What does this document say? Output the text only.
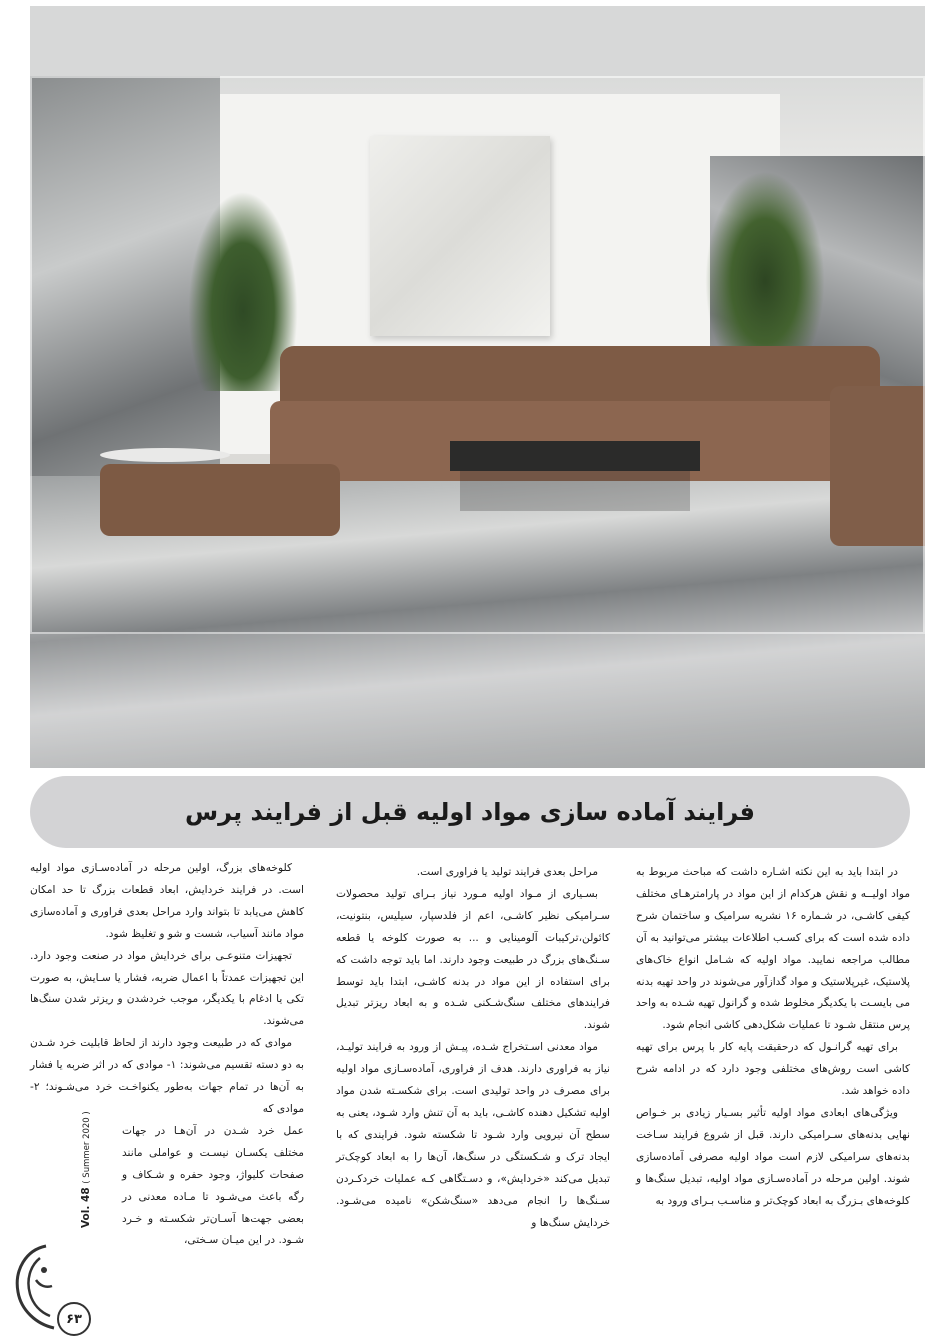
فرایند آماده سازی مواد اولیه قبل از فرایند پرس

در ابتدا باید به این نکته اشـاره داشت که مباحث مربوط به مواد اولیــه و نقش هرکدام از این مواد در پارامترهـای مختلف کیفی کاشـی، در شـماره ۱۶ نشریه سرامیک و ساختمان شرح داده شده است که برای کسـب اطلاعات بیشتر می‌توانید به آن مطالب مراجعه نمایید. مواد اولیه که شـامل انواع خاک‌های پلاستیک، غیرپلاستیک و مواد گدازآور می‌شوند در واحد تهیه بدنه می بایسـت با یکدیگر مخلوط شده و گرانول تهیه شـده به واحد پرس منتقل شـود تا عملیات شکل‌دهی کاشی انجام شود.

برای تهیه گرانـول که درحقیقت پایه کار با پرس برای تهیه کاشی است روش‌های مختلفی وجود دارد که در ادامه شرح داده خواهد شد.

ویژگی‌های ابعادی مواد اولیه تأثیر بسـیار زیادی بر خـواص نهایی بدنه‌های سـرامیکی دارند. قبل از شروع فرایند سـاخت بدنه‌های سرامیکی لازم است مواد اولیه مصرفی آماده‌سازی شوند. اولین مرحله در آماده‌سـازی مواد اولیه، تبدیل سنگ‌ها و کلوخه‌های بـزرگ به ابعاد کوچک‌تر و مناسـب بـرای ورود به

مراحل بعدی فرایند تولید یا فراوری است.

بسـیاری از مـواد اولیه مـورد نیاز بـرای تولید محصولات سـرامیکی نظیر کاشـی، اعم از فلدسپار، سیلیس، بنتونیت، کائولن،ترکیبات آلومینایی و ... به صورت کلوخه یا قطعه سـنگ‌های بزرگ در طبیعت وجود دارند. اما باید توجه داشت که برای استفاده از این مواد در بدنه کاشـی، ابتدا باید توسط فرایندهای مختلف سنگ‌شـکنی شـده و به ابعاد ریزتر تبدیل شوند.

مواد معدنی اسـتخراج شـده، پیـش از ورود به فرایند تولیـد، نیاز به فراوری دارند. هدف از فراوری، آماده‌سـازی مواد اولیه برای مصرف در واحد تولیدی است. برای شکسـته شدن مواد اولیه تشکیل دهنده کاشـی، باید به آن تنش وارد شـود، یعنی به سطح آن نیرویی وارد شـود تا شکسته شود. فرایندی که با ایجاد ترک و شـکستگی در سنگ‌ها، آن‌ها را به ابعاد کوچک‌تر تبدیل می‌کند «خردایش»، و دسـتگاهی کـه عملیات خردکـردن سـنگ‌ها را انجام می‌دهد «سنگ‌شکن» نامیده می‌شـود. خردایش سنگ‌ها و

کلوخه‌های بزرگ، اولین مرحله در آماده‌سـازی مواد اولیه است. در فرایند خردایش، ابعاد قطعات بزرگ تا حد امکان کاهش می‌یابد تا بتواند وارد مراحل بعدی فراوری و آماده‌سازی مواد مانند آسیاب، شست و شو و تغلیظ شود.

تجهیزات متنوعـی برای خردایش مواد در صنعت وجود دارد. این تجهیزات عمدتاً با اعمال ضربه، فشار یا سـایش، به صورت تکی یا ادغام با یکدیگر، موجب خردشدن و ریزتر شدن سنگ‌ها می‌شوند.

موادی که در طبیعت وجود دارند از لحاظ قابلیت خرد شـدن به دو دسته تقسیم می‌شوند: ۱- موادی که در اثر ضربه یا فشار به آن‌ها در تمام جهات به‌طور یکنواخـت خرد می‌شـوند؛ ۲- موادی که

عمل خرد شـدن در آن‌هـا در جهات مختلف یکسـان نیسـت و عواملی مانند صفحات کلیواژ، وجود حفره و شـکاف و رگه باعث می‌شـود تا مـاده معدنی در بعضی جهت‌ها آسـان‌تر شکسـته و خـرد شـود. در این میـان سـختی،

Vol. 48 ( Summer 2020 )
۶۳
